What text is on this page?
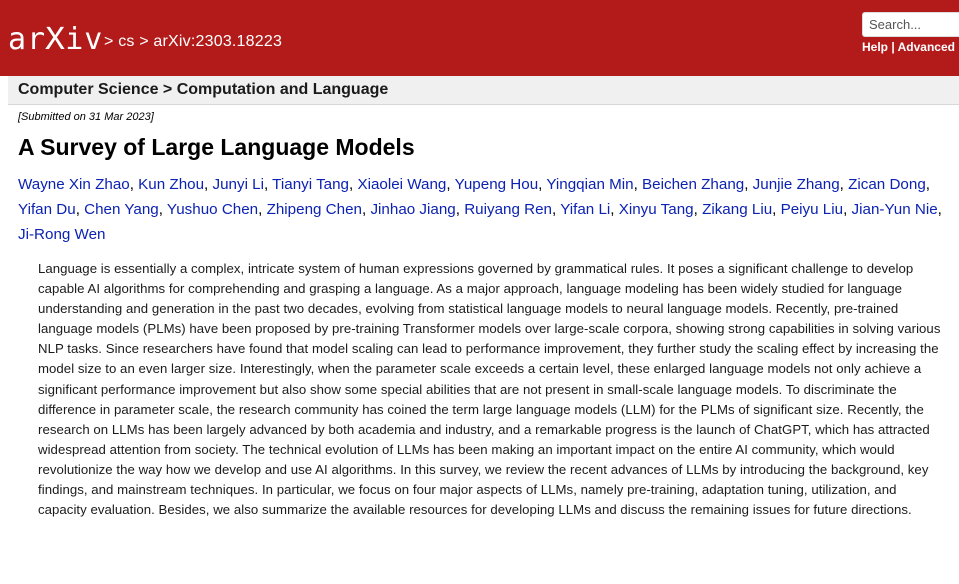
arXiv > cs > arXiv:2303.18223
Search...	Help | Advanced
Computer Science > Computation and Language
[Submitted on 31 Mar 2023]
A Survey of Large Language Models
Wayne Xin Zhao, Kun Zhou, Junyi Li, Tianyi Tang, Xiaolei Wang, Yupeng Hou, Yingqian Min, Beichen Zhang, Junjie Zhang, Zican Dong, Yifan Du, Chen Yang, Yushuo Chen, Zhipeng Chen, Jinhao Jiang, Ruiyang Ren, Yifan Li, Xinyu Tang, Zikang Liu, Peiyu Liu, Jian-Yun Nie, Ji-Rong Wen
Language is essentially a complex, intricate system of human expressions governed by grammatical rules. It poses a significant challenge to develop capable AI algorithms for comprehending and grasping a language. As a major approach, language modeling has been widely studied for language understanding and generation in the past two decades, evolving from statistical language models to neural language models. Recently, pre-trained language models (PLMs) have been proposed by pre-training Transformer models over large-scale corpora, showing strong capabilities in solving various NLP tasks. Since researchers have found that model scaling can lead to performance improvement, they further study the scaling effect by increasing the model size to an even larger size. Interestingly, when the parameter scale exceeds a certain level, these enlarged language models not only achieve a significant performance improvement but also show some special abilities that are not present in small-scale language models. To discriminate the difference in parameter scale, the research community has coined the term large language models (LLM) for the PLMs of significant size. Recently, the research on LLMs has been largely advanced by both academia and industry, and a remarkable progress is the launch of ChatGPT, which has attracted widespread attention from society. The technical evolution of LLMs has been making an important impact on the entire AI community, which would revolutionize the way how we develop and use AI algorithms. In this survey, we review the recent advances of LLMs by introducing the background, key findings, and mainstream techniques. In particular, we focus on four major aspects of LLMs, namely pre-training, adaptation tuning, utilization, and capacity evaluation. Besides, we also summarize the available resources for developing LLMs and discuss the remaining issues for future directions.
